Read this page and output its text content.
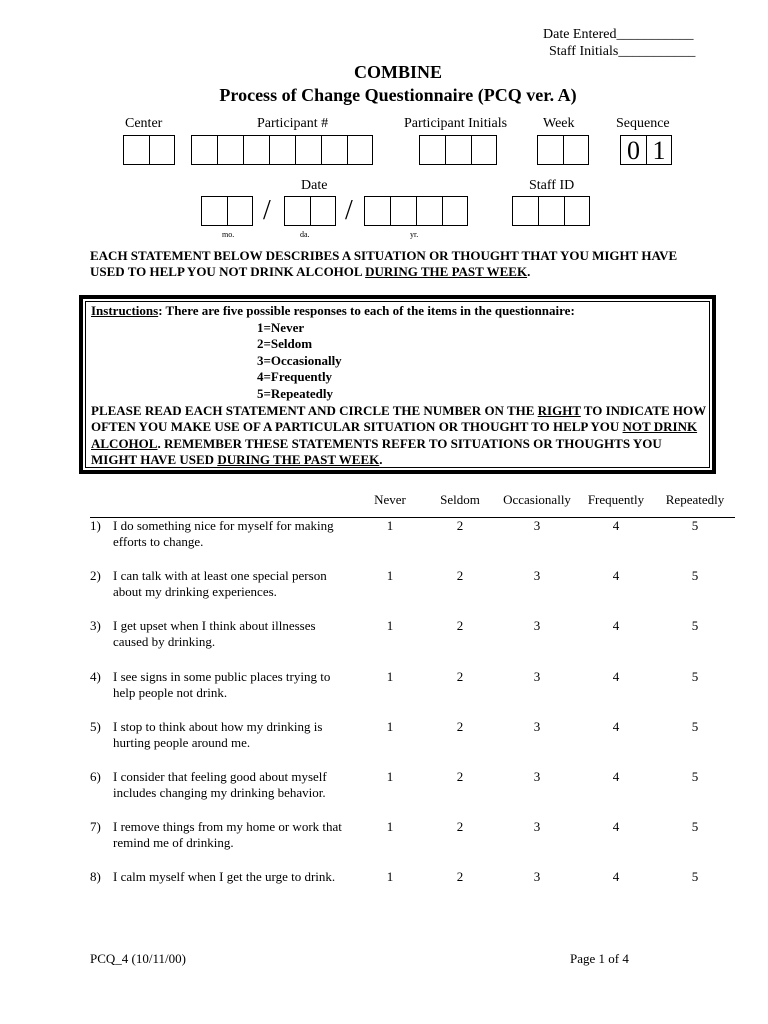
Date Entered___________
Staff Initials___________
COMBINE
Process of Change Questionnaire (PCQ ver. A)
Center	Participant #	Participant Initials	Week	Sequence
0 1
Date	Staff ID
/	/
mo.	da.	yr.
EACH STATEMENT BELOW DESCRIBES A SITUATION OR THOUGHT THAT YOU MIGHT HAVE USED TO HELP YOU NOT DRINK ALCOHOL DURING THE PAST WEEK.
Instructions: There are five possible responses to each of the items in the questionnaire:
1=Never
2=Seldom
3=Occasionally
4=Frequently
5=Repeatedly
PLEASE READ EACH STATEMENT AND CIRCLE THE NUMBER ON THE RIGHT TO INDICATE HOW OFTEN YOU MAKE USE OF A PARTICULAR SITUATION OR THOUGHT TO HELP YOU NOT DRINK ALCOHOL. REMEMBER THESE STATEMENTS REFER TO SITUATIONS OR THOUGHTS YOU MIGHT HAVE USED DURING THE PAST WEEK.
Never	Seldom	Occasionally Frequently Repeatedly
1) I do something nice for myself for making efforts to change.
1	2	3	4	5
2) I can talk with at least one special person about my drinking experiences.
1	2	3	4	5
3) I get upset when I think about illnesses caused by drinking.
1	2	3	4	5
4) I see signs in some public places trying to help people not drink.
1	2	3	4	5
5) I stop to think about how my drinking is hurting people around me.
1	2	3	4	5
6) I consider that feeling good about myself includes changing my drinking behavior.
1	2	3	4	5
7) I remove things from my home or work that remind me of drinking.
1	2	3	4	5
8) I calm myself when I get the urge to drink.	1	2	3	4	5
PCQ_4 (10/11/00)	Page 1 of 4
